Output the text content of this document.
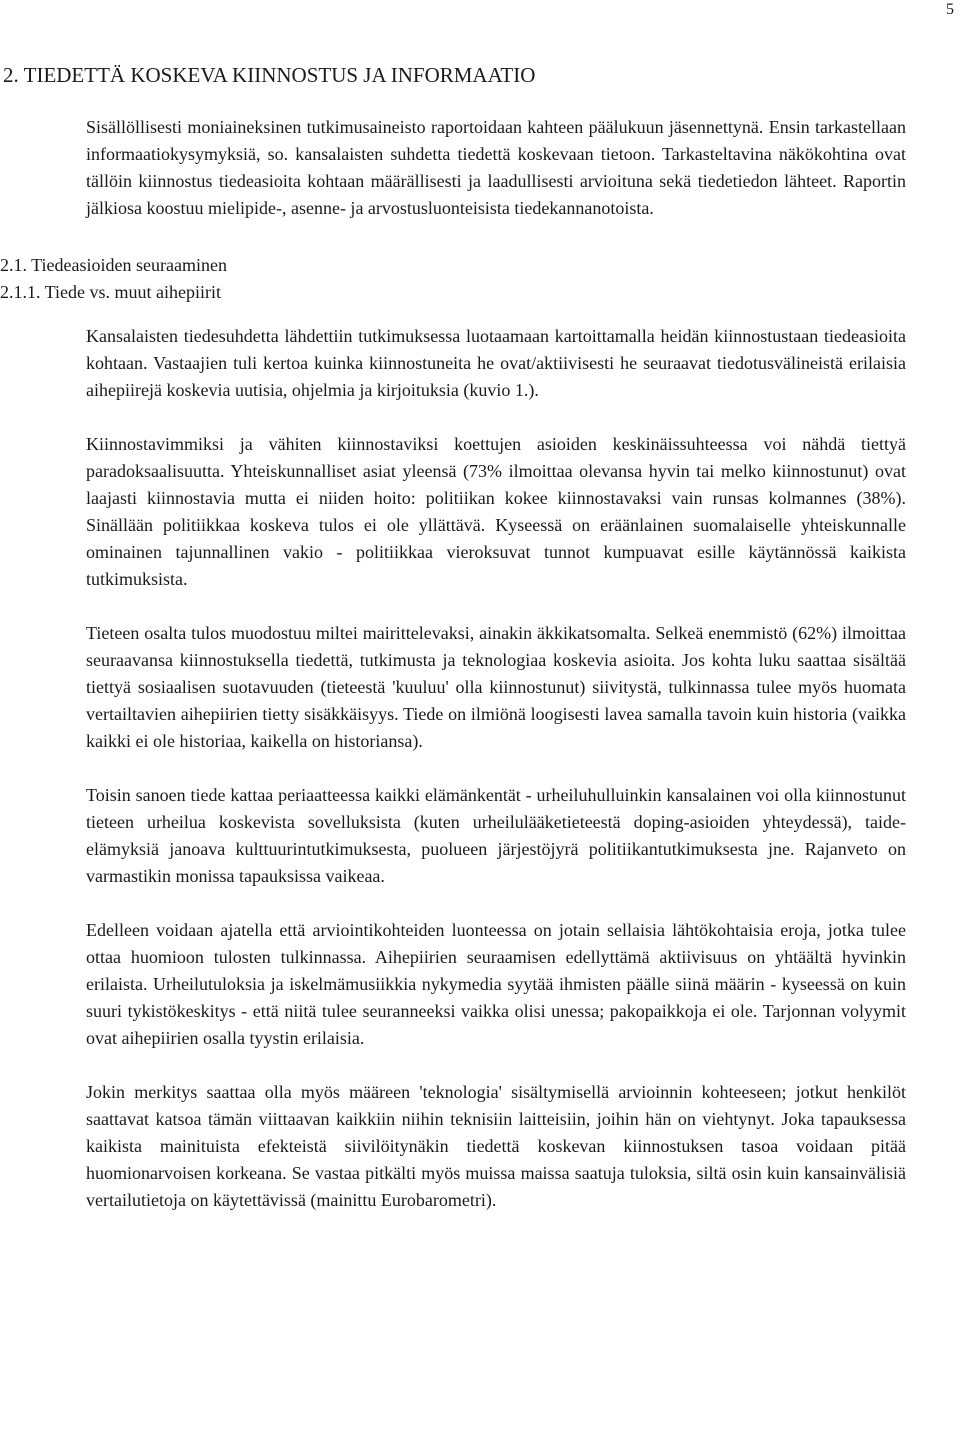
5
2. TIEDETTÄ KOSKEVA KIINNOSTUS JA INFORMAATIO

Sisällöllisesti moniaineksinen tutkimusaineisto raportoidaan kahteen päälukuun jäsennettynä. Ensin tarkastellaan informaatiokysymyksiä, so. kansalaisten suhdetta tiedettä koskevaan tietoon. Tarkasteltavina näkökohtina ovat tällöin kiinnostus tiedeasioita kohtaan määrällisesti ja laadullisesti arvioituna sekä tiedetiedon lähteet. Raportin jälkiosa koostuu mielipide-, asenne- ja arvostusluonteisista tiedekannanotoista.

2.1. Tiedeasioiden seuraaminen
2.1.1. Tiede vs. muut aihepiirit

Kansalaisten tiedesuhdetta lähdettiin tutkimuksessa luotaamaan kartoittamalla heidän kiinnostustaan tiedeasioita kohtaan. Vastaajien tuli kertoa kuinka kiinnostuneita he ovat/aktiivisesti he seuraavat tiedotusvälineistä erilaisia aihepiirejä koskevia uutisia, ohjelmia ja kirjoituksia (kuvio 1.).

Kiinnostavimmiksi ja vähiten kiinnostaviksi koettujen asioiden keskinäissuhteessa voi nähdä tiettyä paradoksaalisuutta. Yhteiskunnalliset asiat yleensä (73% ilmoittaa olevansa hyvin tai melko kiinnostunut) ovat laajasti kiinnostavia mutta ei niiden hoito: politiikan kokee kiinnostavaksi vain runsas kolmannes (38%). Sinällään politiikkaa koskeva tulos ei ole yllättävä. Kyseessä on eräänlainen suomalaiselle yhteiskunnalle ominainen tajunnallinen vakio - politiikkaa vieroksuvat tunnot kumpuavat esille käytännössä kaikista tutkimuksista.

Tieteen osalta tulos muodostuu miltei mairittelevaksi, ainakin äkkikatsomalta. Selkeä enemmistö (62%) ilmoittaa seuraavansa kiinnostuksella tiedettä, tutkimusta ja teknologiaa koskevia asioita. Jos kohta luku saattaa sisältää tiettyä sosiaalisen suotavuuden (tieteestä 'kuuluu' olla kiinnostunut) siivitystä, tulkinnassa tulee myös huomata vertailtavien aihepiirien tietty sisäkkäisyys. Tiede on ilmiönä loogisesti lavea samalla tavoin kuin historia (vaikka kaikki ei ole historiaa, kaikella on historiansa).

Toisin sanoen tiede kattaa periaatteessa kaikki elämänkentät - urheiluhulluinkin kansalainen voi olla kiinnostunut tieteen urheilua koskevista sovelluksista (kuten urheilulääketieteestä doping-asioiden yhteydessä), taide-elämyksiä janoava kulttuurintutkimuksesta, puolueen järjestöjyrä politiikantutkimuksesta jne. Rajanveto on varmastikin monissa tapauksissa vaikeaa.

Edelleen voidaan ajatella että arviointikohteiden luonteessa on jotain sellaisia lähtökohtaisia eroja, jotka tulee ottaa huomioon tulosten tulkinnassa. Aihepiirien seuraamisen edellyttämä aktiivisuus on yhtäältä hyvinkin erilaista. Urheilutuloksia ja iskelmämusiikkia nykymedia syytää ihmisten päälle siinä määrin - kyseessä on kuin suuri tykistökeskitys - että niitä tulee seuranneeksi vaikka olisi unessa; pakopaikkoja ei ole. Tarjonnan volyymit ovat aihepiirien osalla tyystin erilaisia.

Jokin merkitys saattaa olla myös määreen 'teknologia' sisältymisellä arvioinnin kohteeseen; jotkut henkilöt saattavat katsoa tämän viittaavan kaikkiin niihin teknisiin laitteisiin, joihin hän on viehtynyt. Joka tapauksessa kaikista mainituista efekteistä siivilöitynäkin tiedettä koskevan kiinnostuksen tasoa voidaan pitää huomionarvoisen korkeana. Se vastaa pitkälti myös muissa maissa saatuja tuloksia, siltä osin kuin kansainvälisiä vertailutietoja on käytettävissä (mainittu Eurobarometri).
